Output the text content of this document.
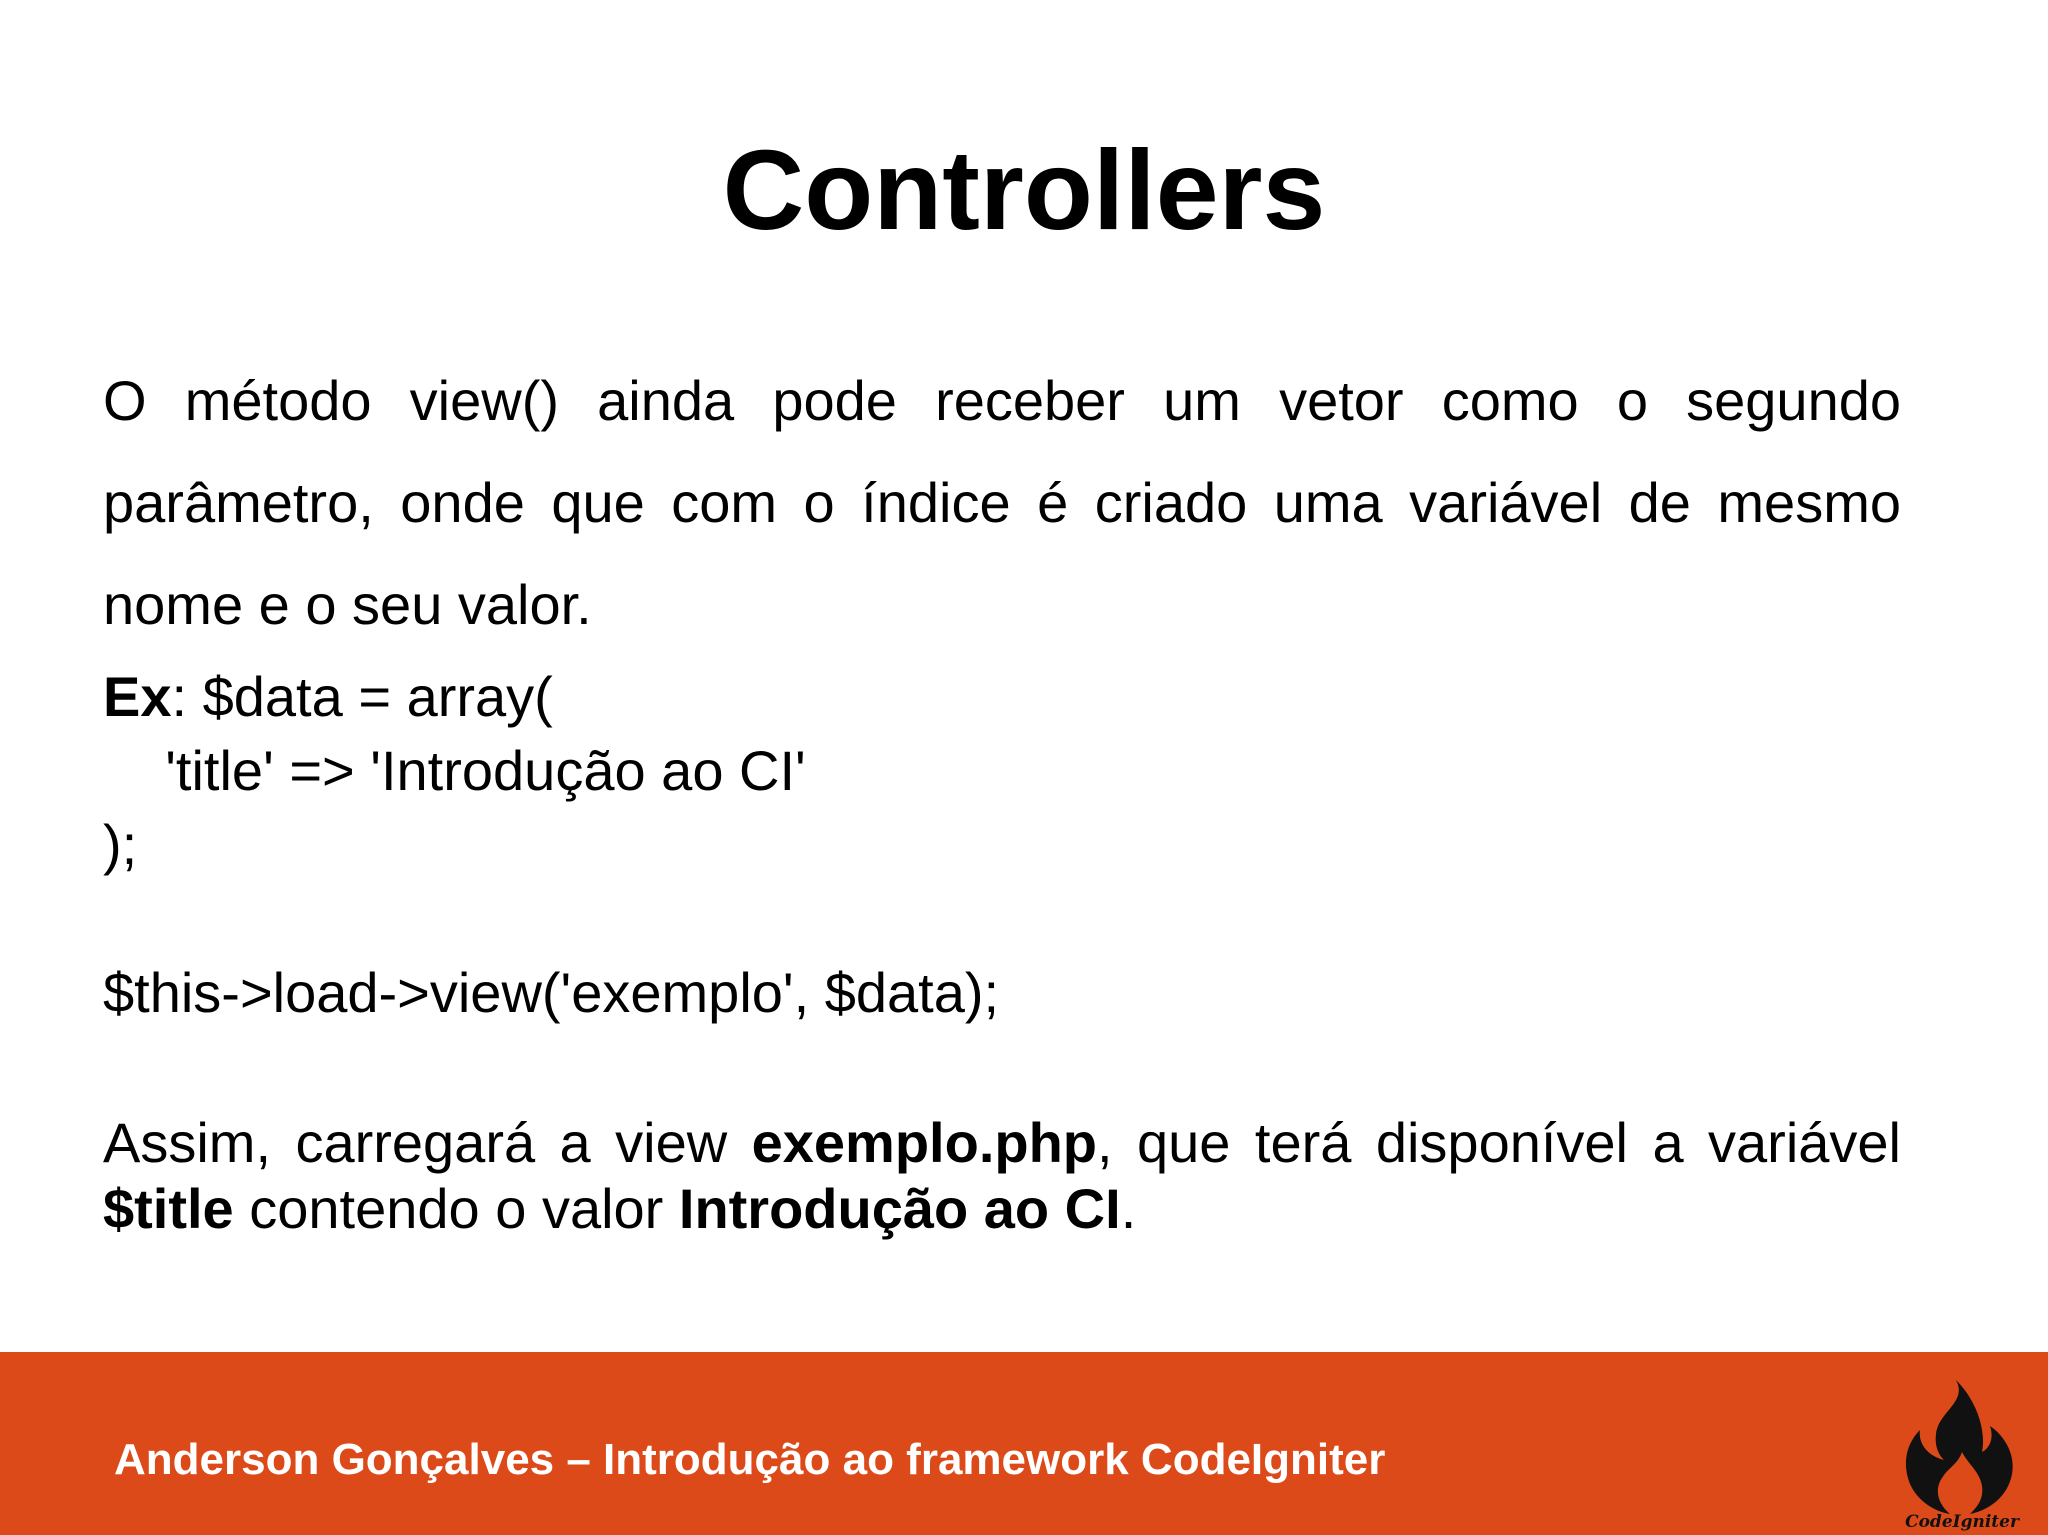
Controllers
O método view() ainda pode receber um vetor como o segundo parâmetro, onde que com o índice é criado uma variável de mesmo nome e o seu valor.
Ex: $data = array(
'title' => 'Introdução ao CI'
);
$this->load->view('exemplo', $data);
Assim, carregará a view exemplo.php, que terá disponível a variável $title contendo o valor Introdução ao CI.
Anderson Gonçalves – Introdução ao framework CodeIgniter
CodeIgniter
